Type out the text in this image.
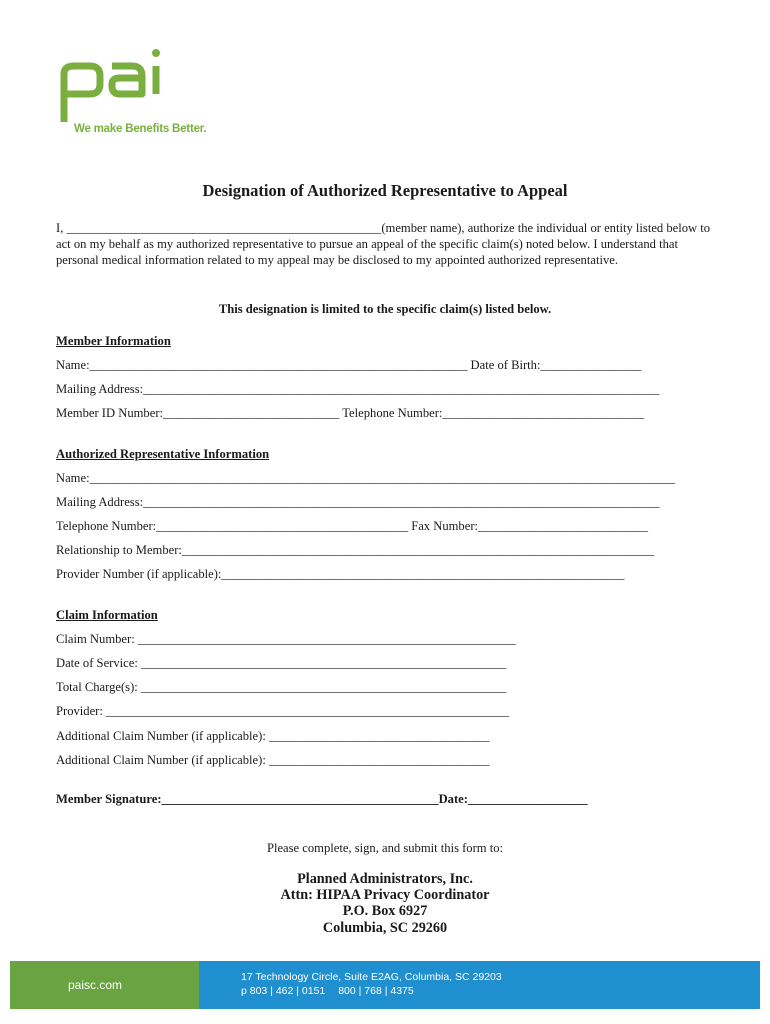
We make Benefits Better.
Designation of Authorized Representative to Appeal
I, __________________________________________________(member name), authorize the individual or entity listed below to act on my behalf as my authorized representative to pursue an appeal of the specific claim(s) noted below. I understand that personal medical information related to my appeal may be disclosed to my appointed authorized representative.
This designation is limited to the specific claim(s) listed below.
Member Information
Name:____________________________________________________________ Date of Birth:________________
Mailing Address:__________________________________________________________________________________
Member ID Number:____________________________ Telephone Number:________________________________
Authorized Representative Information
Name:_____________________________________________________________________________________________
Mailing Address:__________________________________________________________________________________
Telephone Number:________________________________________ Fax Number:___________________________
Relationship to Member:___________________________________________________________________________
Provider Number (if applicable):________________________________________________________________
Claim Information
Claim Number: ____________________________________________________________
Date of Service: __________________________________________________________
Total Charge(s): __________________________________________________________
Provider: ________________________________________________________________
Additional Claim Number (if applicable): ___________________________________
Additional Claim Number (if applicable): ___________________________________
Member Signature:____________________________________________Date:___________________
Please complete, sign, and submit this form to:
Planned Administrators, Inc.
Attn: HIPAA Privacy Coordinator
P.O. Box 6927
Columbia, SC 29260
paisc.com
17 Technology Circle, Suite E2AG, Columbia, SC 29203
p 803 | 462 | 0151 800 | 768 | 4375
